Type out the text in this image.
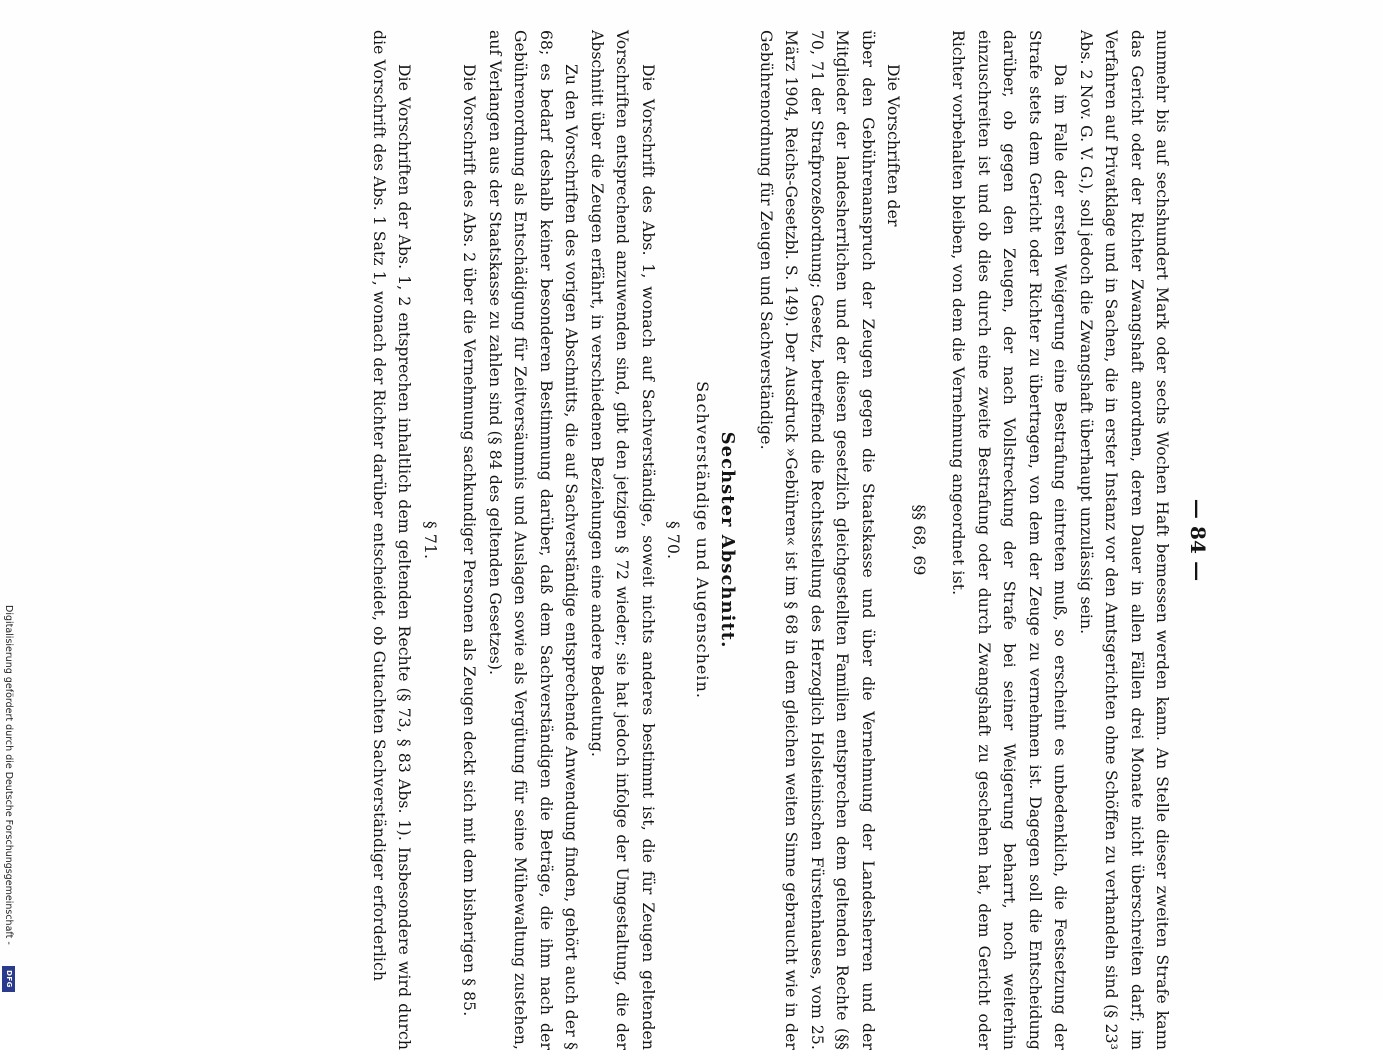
— 84 —

nunmehr bis auf sechshundert Mark oder sechs Wochen Haft bemessen werden kann. An Stelle dieser zweiten Strafe kann das Gericht oder der Richter Zwangshaft anordnen, deren Dauer in allen Fällen drei Monate nicht überschreiten darf; im Verfahren auf Privatklage und in Sachen, die in erster Instanz vor den Amtsgerichten ohne Schöffen zu verhandeln sind (§ 23³ Abs. 2 Nov. G. V. G.), soll jedoch die Zwangshaft überhaupt unzulässig sein.

Da im Falle der ersten Weigerung eine Bestrafung eintreten muß, so erscheint es unbedenklich, die Festsetzung der Strafe stets dem Gericht oder Richter zu übertragen, von dem der Zeuge zu vernehmen ist. Dagegen soll die Entscheidung darüber, ob gegen den Zeugen, der nach Vollstreckung der Strafe bei seiner Weigerung beharrt, noch weiterhin einzuschreiten ist und ob dies durch eine zweite Bestrafung oder durch Zwangshaft zu geschehen hat, dem Gericht oder Richter vorbehalten bleiben, von dem die Vernehmung angeordnet ist.

§§ 68, 69

Die Vorschriften der

über den Gebührenanspruch der Zeugen gegen die Staatskasse und über die Vernehmung der Landesherren und der Mitglieder der landesherrlichen und der diesen gesetzlich gleichgestellten Familien entsprechen dem geltenden Rechte (§§ 70, 71 der Strafprozeßordnung; Gesetz, betreffend die Rechtsstellung des Herzoglich Holsteinischen Fürstenhauses, vom 25. März 1904, Reichs-Gesetzbl. S. 149). Der Ausdruck »Gebühren« ist im § 68 in dem gleichen weiten Sinne gebraucht wie in der Gebührenordnung für Zeugen und Sachverständige.

Sechster Abschnitt.

Sachverständige und Augenschein.

§ 70.

Die Vorschrift des Abs. 1, wonach auf Sachverständige, soweit nichts anderes bestimmt ist, die für Zeugen geltenden Vorschriften entsprechend anzuwenden sind, gibt den jetzigen § 72 wieder; sie hat jedoch infolge der Umgestaltung, die der Abschnitt über die Zeugen erfährt, in verschiedenen Beziehungen eine andere Bedeutung.

Zu den Vorschriften des vorigen Abschnitts, die auf Sachverständige entsprechende Anwendung finden, gehört auch der § 68; es bedarf deshalb keiner besonderen Bestimmung darüber, daß dem Sachverständigen die Beträge, die ihm nach der Gebührenordnung als Entschädigung für Zeitversäumnis und Auslagen sowie als Vergütung für seine Mühewaltung zustehen, auf Verlangen aus der Staatskasse zu zahlen sind (§ 84 des geltenden Gesetzes).

Die Vorschrift des Abs. 2 über die Vernehmung sachkundiger Personen als Zeugen deckt sich mit dem bisherigen § 85.

§ 71.

Die Vorschriften der Abs. 1, 2 entsprechen inhaltlich dem geltenden Rechte (§ 73, § 83 Abs. 1). Insbesondere wird durch die Vorschrift des Abs. 1 Satz 1, wonach der Richter darüber entscheidet, ob Gutachten Sachverständiger erforderlich

Digitalisierung gefördert durch die Deutsche Forschungsgemeinschaft -
DFG
